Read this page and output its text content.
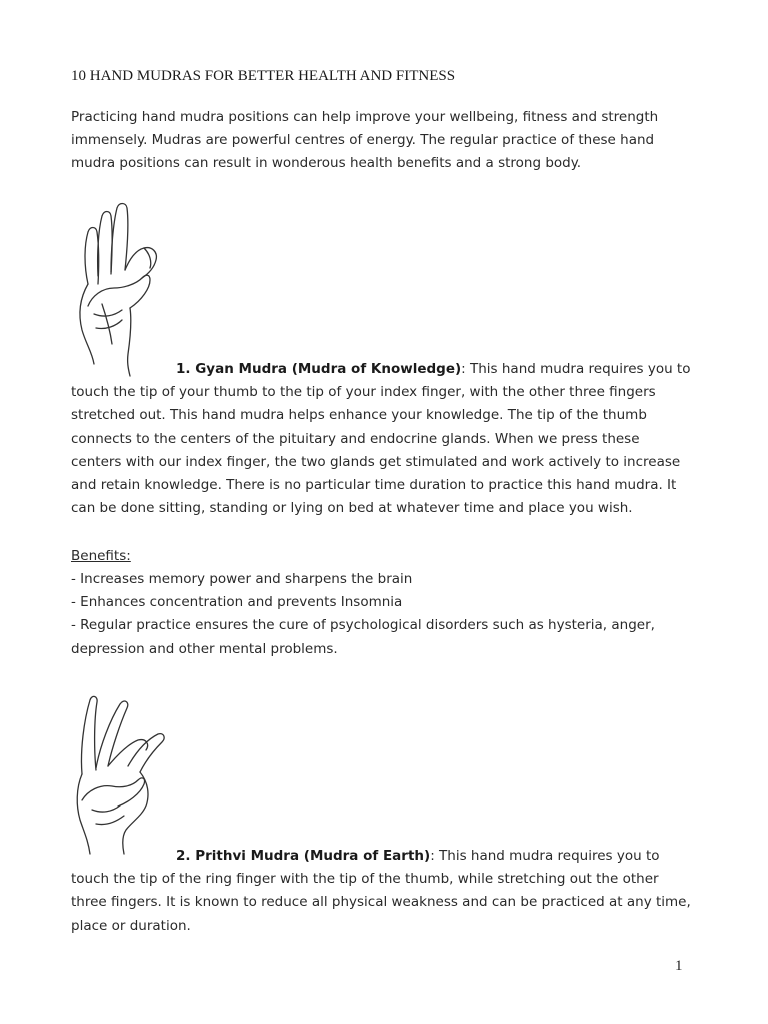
10 HAND MUDRAS FOR BETTER HEALTH AND FITNESS

Practicing hand mudra positions can help improve your wellbeing, fitness and strength immensely. Mudras are powerful centres of energy. The regular practice of these hand mudra positions can result in wonderous health benefits and a strong body.

1. Gyan Mudra (Mudra of Knowledge): This hand mudra requires you to touch the tip of your thumb to the tip of your index finger, with the other three fingers stretched out. This hand mudra helps enhance your knowledge. The tip of the thumb connects to the centers of the pituitary and endocrine glands. When we press these centers with our index finger, the two glands get stimulated and work actively to increase and retain knowledge. There is no particular time duration to practice this hand mudra. It can be done sitting, standing or lying on bed at whatever time and place you wish.

Benefits:

- Increases memory power and sharpens the brain
- Enhances concentration and prevents Insomnia
- Regular practice ensures the cure of psychological disorders such as hysteria, anger, depression and other mental problems.

2. Prithvi Mudra (Mudra of Earth): This hand mudra requires you to touch the tip of the ring finger with the tip of the thumb, while stretching out the other three fingers. It is known to reduce all physical weakness and can be practiced at any time, place or duration.

1
